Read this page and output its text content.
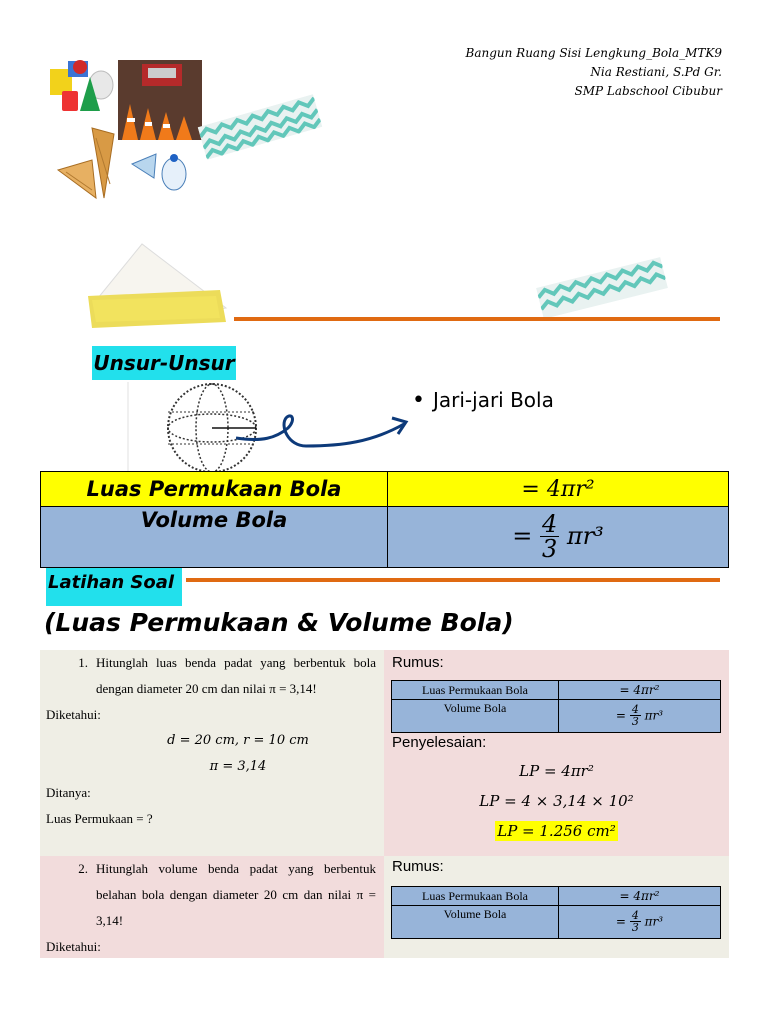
Bangun Ruang Sisi Lengkung_Bola_MTK9
Nia Restiani, S.Pd Gr.
SMP Labschool Cibubur
Unsur-Unsur
• Jari-jari Bola
Luas Permukaan Bola	= 4πr²
Volume Bola	= $\frac{4}{3} \pi r^3$
Latihan Soal
(Luas Permukaan & Volume Bola)
1. Hitunglah luas benda padat yang berbentuk bola dengan diameter 20 cm dan nilai π = 3,14!
Diketahui:
d = 20 cm, r = 10 cm
π = 3,14
Ditanya:
Luas Permukaan = ?
Rumus:
Luas Permukaan Bola	= 4πr²
Volume Bola	= $\frac{4}{3} \pi r^3$
Penyelesaian:
LP = 4πr²
LP = 4 × 3,14 × 10²
LP = 1.256 cm²
2. Hitunglah volume benda padat yang berbentuk belahan bola dengan diameter 20 cm dan nilai π = 3,14!
Diketahui:
Rumus:
Luas Permukaan Bola	= 4πr²
Volume Bola	= $\frac{4}{3} \pi r^3$
